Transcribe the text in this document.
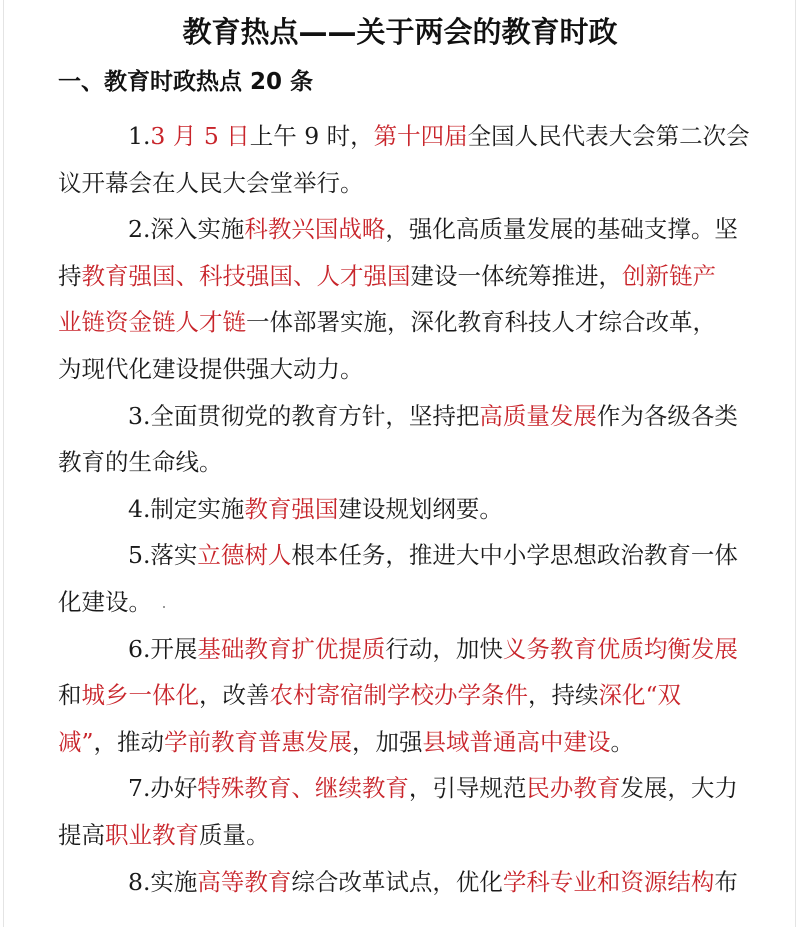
教育热点——关于两会的教育时政
一、教育时政热点 20 条
1.3 月 5 日上午 9 时，第十四届全国人民代表大会第二次会
议开幕会在人民大会堂举行。
2.深入实施科教兴国战略，强化高质量发展的基础支撑。坚
持教育强国、科技强国、人才强国建设一体统筹推进，创新链产
业链资金链人才链一体部署实施，深化教育科技人才综合改革，
为现代化建设提供强大动力。
3.全面贯彻党的教育方针，坚持把高质量发展作为各级各类
教育的生命线。
4.制定实施教育强国建设规划纲要。
5.落实立德树人根本任务，推进大中小学思想政治教育一体
化建设。
6.开展基础教育扩优提质行动，加快义务教育优质均衡发展
和城乡一体化，改善农村寄宿制学校办学条件，持续深化“双
减”，推动学前教育普惠发展，加强县域普通高中建设。
7.办好特殊教育、继续教育，引导规范民办教育发展，大力
提高职业教育质量。
8.实施高等教育综合改革试点，优化学科专业和资源结构布
